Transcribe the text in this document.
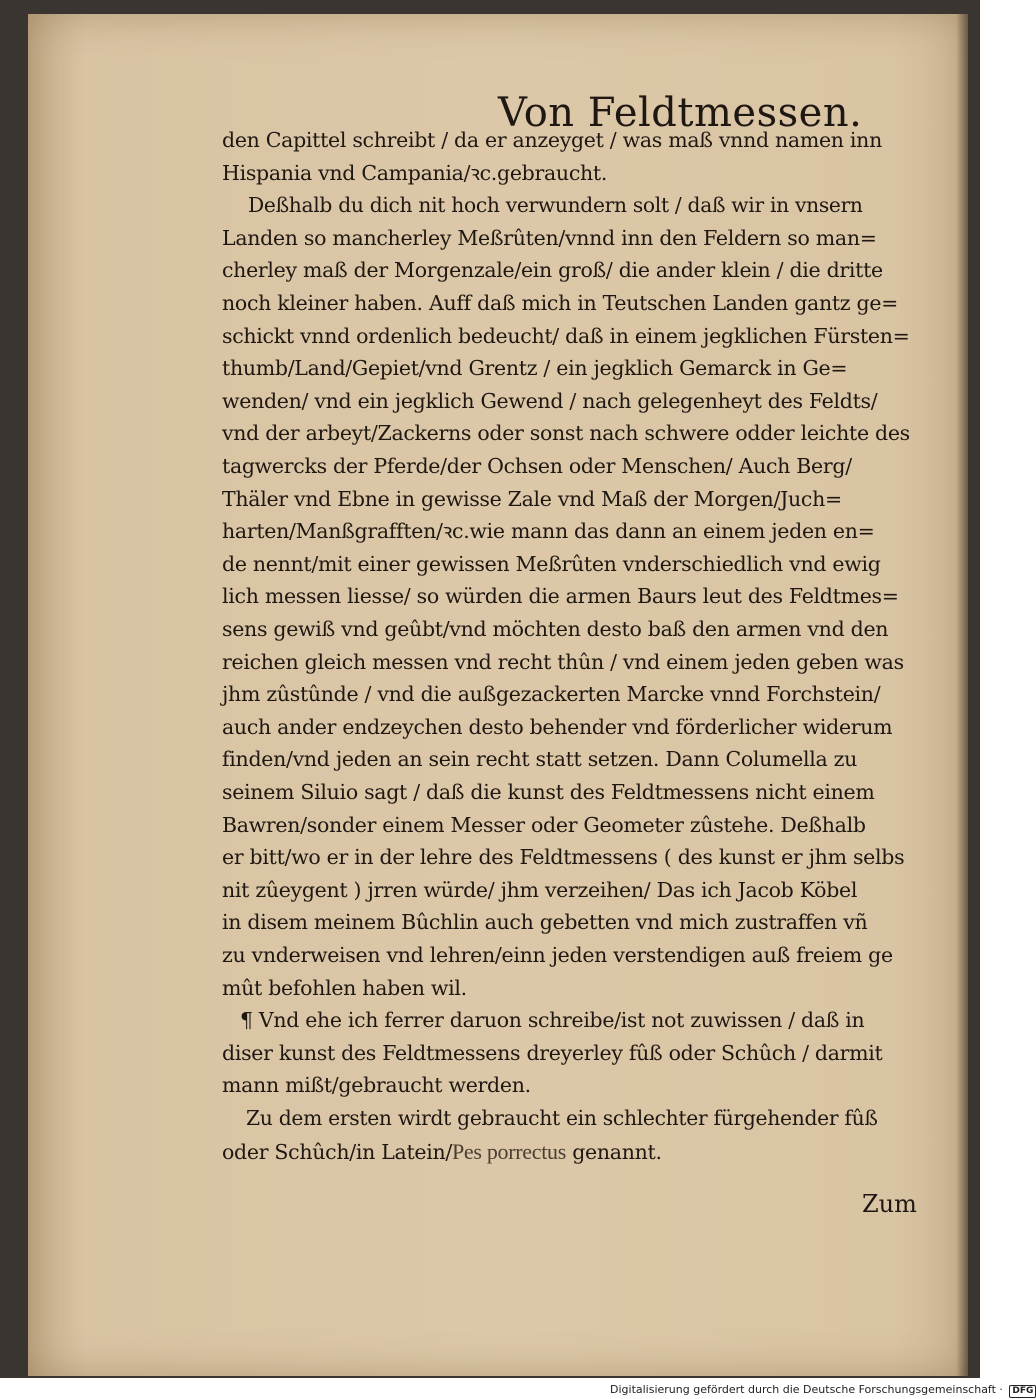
Von Feldtmessen.
den Capittel schreibt / da er anzeyget / was maß vnnd namen inn
Hispania vnd Campania/ꝛc.gebraucht.
Deßhalb du dich nit hoch verwundern solt / daß wir in vnsern
Landen so mancherley Meßrûten/vnnd inn den Feldern so man=
cherley maß der Morgenzale/ein groß/ die ander klein / die dritte
noch kleiner haben. Auff daß mich in Teutschen Landen gantz ge=
schickt vnnd ordenlich bedeucht/ daß in einem jegklichen Fürsten=
thumb/Land/Gepiet/vnd Grentz / ein jegklich Gemarck in Ge=
wenden/ vnd ein jegklich Gewend / nach gelegenheyt des Feldts/
vnd der arbeyt/Zackerns oder sonst nach schwere odder leichte des
tagwercks der Pferde/der Ochsen oder Menschen/ Auch Berg/
Thäler vnd Ebne in gewisse Zale vnd Maß der Morgen/Juch=
harten/Manßgrafften/ꝛc.wie mann das dann an einem jeden en=
de nennt/mit einer gewissen Meßrûten vnderschiedlich vnd ewig
lich messen liesse/ so würden die armen Baurs leut des Feldtmes=
sens gewiß vnd geûbt/vnd möchten desto baß den armen vnd den
reichen gleich messen vnd recht thûn / vnd einem jeden geben was
jhm zûstûnde / vnd die außgezackerten Marcke vnnd Forchstein/
auch ander endzeychen desto behender vnd förderlicher widerum
finden/vnd jeden an sein recht statt setzen. Dann Columella zu
seinem Siluio sagt / daß die kunst des Feldtmessens nicht einem
Bawren/sonder einem Messer oder Geometer zûstehe. Deßhalb
er bitt/wo er in der lehre des Feldtmessens ( des kunst er jhm selbs
nit zûeygent ) jrren würde/ jhm verzeihen/ Das ich Jacob Köbel
in disem meinem Bûchlin auch gebetten vnd mich zustraffen vñ
zu vnderweisen vnd lehren/einn jeden verstendigen auß freiem ge
mût befohlen haben wil.
¶ Vnd ehe ich ferrer daruon schreibe/ist not zuwissen / daß in
diser kunst des Feldtmessens dreyerley fûß oder Schûch / darmit
mann mißt/gebraucht werden.
Zu dem ersten wirdt gebraucht ein schlechter fürgehender fûß
oder Schûch/in Latein/Pes porrectus genannt.
Zum
Digitalisierung gefördert durch die Deutsche Forschungsgemeinschaft · DFG
